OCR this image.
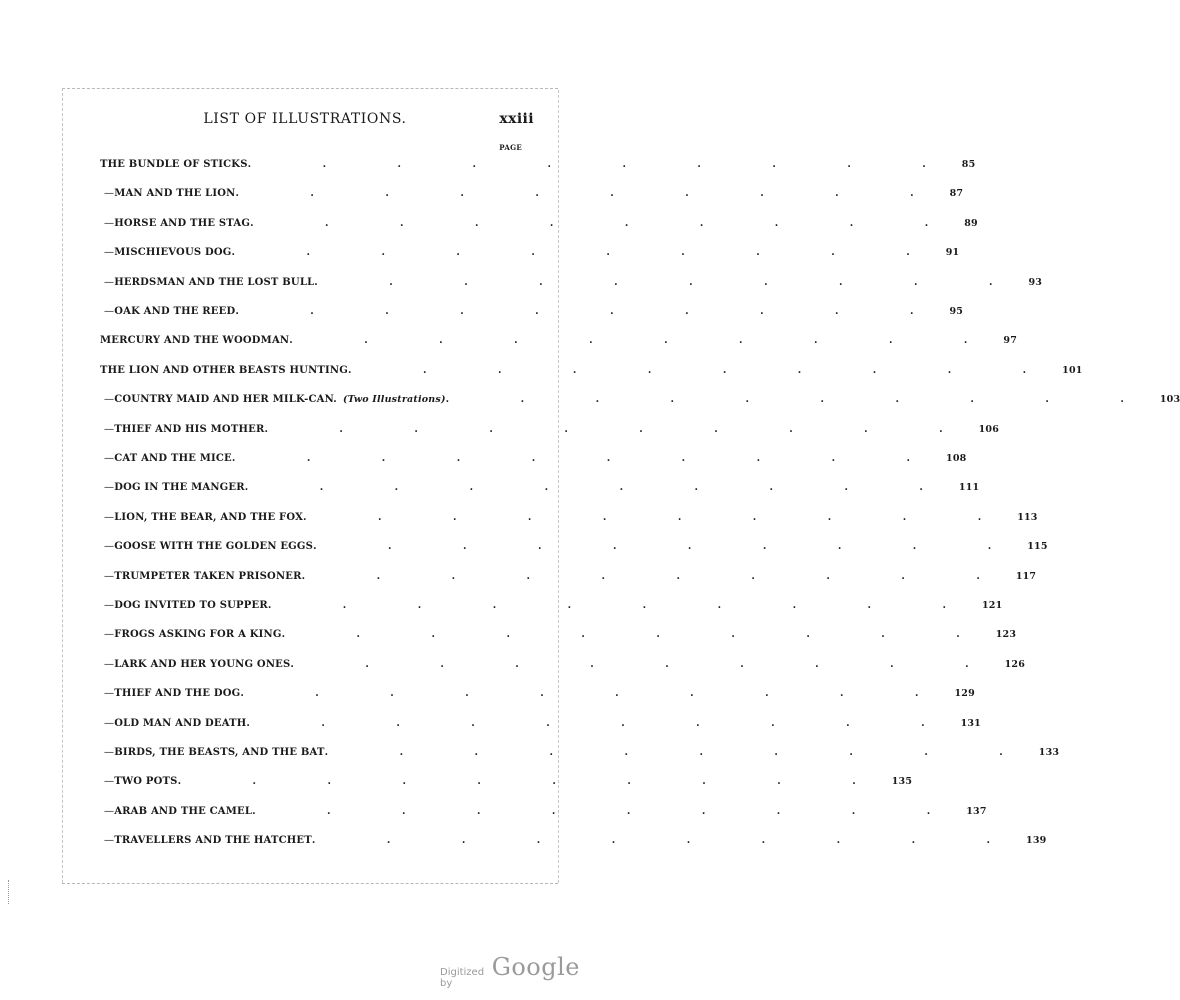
LIST OF ILLUSTRATIONS.	xxiii
PAGE
THE BUNDLE OF STICKS . . . . . . . . . . 85
— MAN AND THE LION . . . . . . . . . . 87
— HORSE AND THE STAG . . . . . . . . . . 89
— MISCHIEVOUS DOG . . . . . . . . . . 91
— HERDSMAN AND THE LOST BULL . . . . . . . . . . 93
— OAK AND THE REED . . . . . . . . . . 95
MERCURY AND THE WOODMAN . . . . . . . . . . 97
THE LION AND OTHER BEASTS HUNTING . . . . . . . . . . 101
— COUNTRY MAID AND HER MILK-CAN. (Two Illustrations) . . . . . . . . . . 103
— THIEF AND HIS MOTHER . . . . . . . . . . 106
— CAT AND THE MICE . . . . . . . . . . 108
— DOG IN THE MANGER . . . . . . . . . . 111
— LION, THE BEAR, AND THE FOX . . . . . . . . . . 113
— GOOSE WITH THE GOLDEN EGGS . . . . . . . . . . 115
— TRUMPETER TAKEN PRISONER . . . . . . . . . . 117
— DOG INVITED TO SUPPER . . . . . . . . . . 121
— FROGS ASKING FOR A KING . . . . . . . . . . 123
— LARK AND HER YOUNG ONES . . . . . . . . . . 126
— THIEF AND THE DOG . . . . . . . . . . 129
— OLD MAN AND DEATH . . . . . . . . . . 131
— BIRDS, THE BEASTS, AND THE BAT . . . . . . . . . . 133
— TWO POTS . . . . . . . . . . 135
— ARAB AND THE CAMEL . . . . . . . . . . 137
— TRAVELLERS AND THE HATCHET . . . . . . . . . . 139
Digitized by
Google
